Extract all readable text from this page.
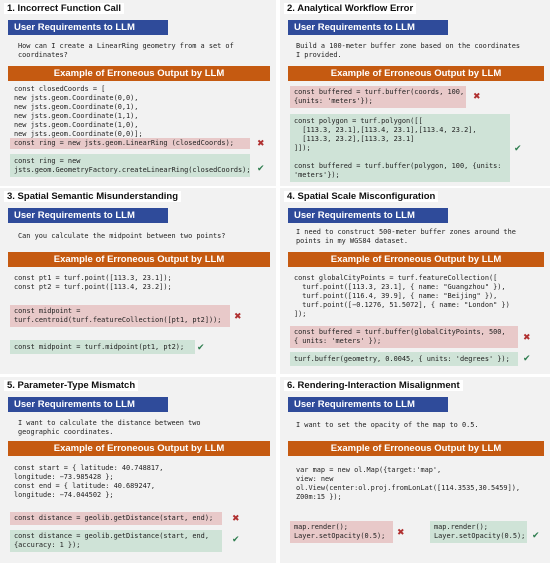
1. Incorrect Function Call
User Requirements to LLM
How can I create a LinearRing geometry from a set of
coordinates?
Example of Erroneous Output by LLM
const closedCoords = [
new jsts.geom.Coordinate(0,0),
new jsts.geom.Coordinate(0,1),
new jsts.geom.Coordinate(1,1),
new jsts.geom.Coordinate(1,0),
new jsts.geom.Coordinate(0,0)];
const ring = new jsts.geom.LinearRing (closedCoords);	✖
const ring = new
jsts.geom.GeometryFactory.createLinearRing(closedCoords); ✔
2. Analytical Workflow Error
User Requirements to LLM
Build a 100-meter buffer zone based on the coordinates
I provided.
Example of Erroneous Output by LLM
const buffered = turf.buffer(coords, 100,
{units: 'meters'});	✖
const polygon = turf.polygon([[
[113.3, 23.1],[113.4, 23.1],[113.4, 23.2],
[113.3, 23.2],[113.3, 23.1]
]]);

const buffered = turf.buffer(polygon, 100, {units:
'meters'});
✔
3. Spatial Semantic Misunderstanding
User Requirements to LLM
Can you calculate the midpoint between two points?
Example of Erroneous Output by LLM
const pt1 = turf.point([113.3, 23.1]);
const pt2 = turf.point([113.4, 23.2]);
const midpoint =
turf.centroid(turf.featureCollection([pt1, pt2])); ✖
const midpoint = turf.midpoint(pt1, pt2); ✔
4. Spatial Scale Misconfiguration
User Requirements to LLM
I need to construct 500-meter buffer zones around the
points in my WGS84 dataset.
Example of Erroneous Output by LLM
const globalCityPoints = turf.featureCollection([
turf.point([113.3, 23.1], { name: "Guangzhou" }),
turf.point([116.4, 39.9], { name: "Beijing" }),
turf.point([−0.1276, 51.5072], { name: "London" })
]);
const buffered = turf.buffer(globalCityPoints, 500,
{ units: 'meters' });	✖
turf.buffer(geometry, 0.0045, { units: 'degrees' }); ✔
5. Parameter-Type Mismatch
User Requirements to LLM
I want to calculate the distance between two
geographic coordinates.
Example of Erroneous Output by LLM
const start = { latitude: 40.748817,
longitude: −73.985428 };
const end = { latitude: 40.689247,
longitude: −74.044502 };
const distance = geolib.getDistance(start, end); ✖
const distance = geolib.getDistance(start, end,
{accuracy: 1 });	✔
6. Rendering-Interaction Misalignment
User Requirements to LLM
I want to set the opacity of the map to 0.5.
Example of Erroneous Output by LLM
var map = new ol.Map({target:'map',
view: new
ol.View(center:ol.proj.fromLonLat([114.3535,30.5459]),
Z00m:15 });
map.render();
Layer.setOpacity(0.5); ✖
map.render();
Layer.setOpacity(0.5); ✔
